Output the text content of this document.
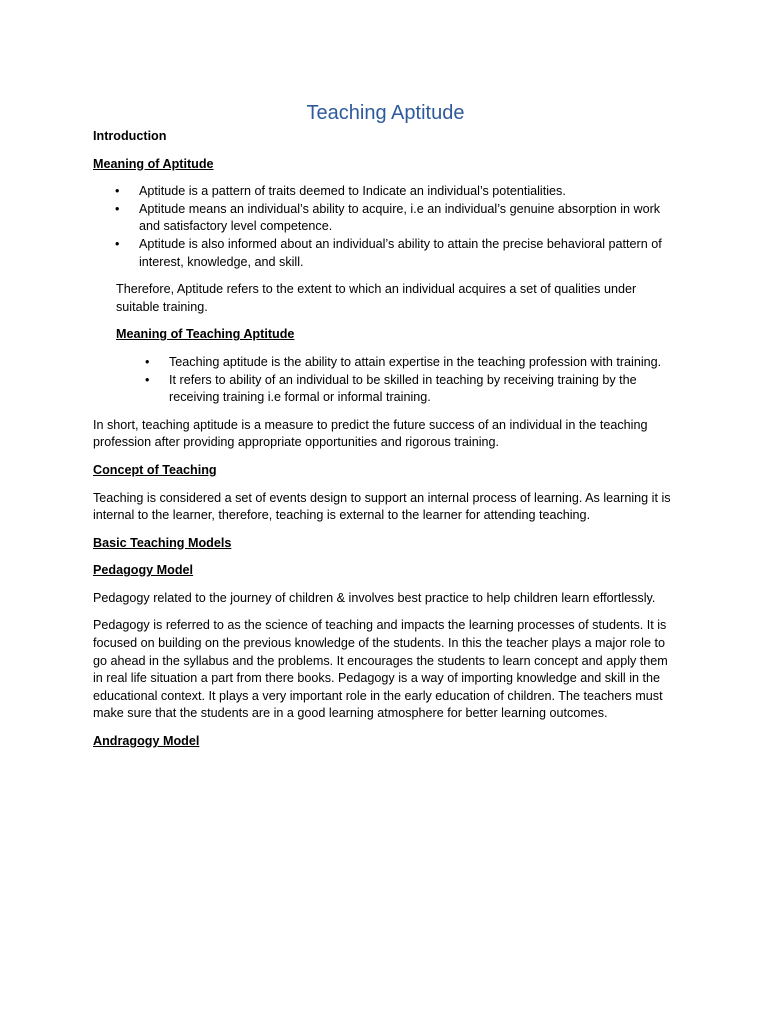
Teaching Aptitude

Introduction

Meaning of Aptitude

• Aptitude is a pattern of traits deemed to Indicate an individual’s potentialities.
• Aptitude means an individual’s ability to acquire, i.e an individual’s genuine absorption in work and satisfactory level competence.
• Aptitude is also informed about an individual’s ability to attain the precise behavioral pattern of interest, knowledge, and skill.

Therefore, Aptitude refers to the extent to which an individual acquires a set of qualities under suitable training.

Meaning of Teaching Aptitude

• Teaching aptitude is the ability to attain expertise in the teaching profession with training.
• It refers to ability of an individual to be skilled in teaching by receiving training by the receiving training i.e formal or informal training.

In short, teaching aptitude is a measure to predict the future success of an individual in the teaching profession after providing appropriate opportunities and rigorous training.

Concept of Teaching

Teaching is considered a set of events design to support an internal process of learning. As learning it is internal to the learner, therefore, teaching is external to the learner for attending teaching.

Basic Teaching Models

Pedagogy Model

Pedagogy related to the journey of children & involves best practice to help children learn effortlessly.

Pedagogy is referred to as the science of teaching and impacts the learning processes of students. It is focused on building on the previous knowledge of the students. In this the teacher plays a major role to go ahead in the syllabus and the problems. It encourages the students to learn concept and apply them in real life situation a part from there books. Pedagogy is a way of importing knowledge and skill in the educational context. It plays a very important role in the early education of children. The teachers must make sure that the students are in a good learning atmosphere for better learning outcomes.

Andragogy Model
